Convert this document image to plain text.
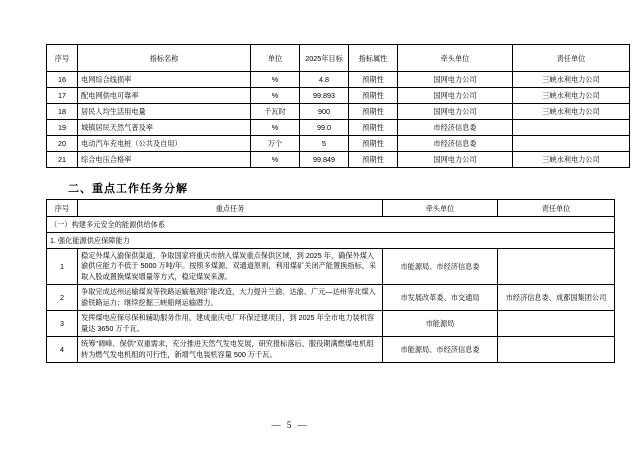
序号	指标名称	单位	2025年目标	指标属性	牵头单位	责任单位
16	电网综合线损率	%	4.8	预期性	国网电力公司	三峡水利电力公司
17	配电网供电可靠率	%	99.893	预期性	国网电力公司	三峡水利电力公司
18	居民人均生活用电量	千瓦时	900	预期性	国网电力公司	三峡水利电力公司
19	城镇居民天然气普及率	%	99.0	预期性	市经济信息委	
20	电动汽车充电桩（公共及自用）	万个	5	预期性	市经济信息委	
21	综合电压合格率	%	99.849	预期性	国网电力公司	三峡水利电力公司
二、重点工作任务分解
序号	重点任务	牵头单位	责任单位
（一）构建多元安全的能源供给体系			
1. 强化能源供应保障能力			
1	稳定外煤入渝保供渠道，争取国家将重庆市纳入煤炭重点保供区域，到 2025 年，确保外煤入渝供应能力不低于 5000 万吨/年。按照多煤源、双通道原则，利用煤矿关闭产能置换指标，采取入股或置换煤炭增量等方式，稳定煤炭来源。	市能源局、市经济信息委	
2	争取完成达州运输煤炭等铁路运输瓶颈扩能改造，大力提升兰渝、达渝、广元—达州等北煤入渝铁路运力；继续挖掘三峡船闸运输潜力。	市发展改革委、市交通局	市经济信息委、成都国集团公司
3	发挥煤电应保尽保和辅助服务作用，建成重庆电厂环保迁建项目，到 2025 年全市电力装机容量达 3650 万千瓦。	市能源局	
4	统筹"调峰、保供"双重需求，充分推进天然气发电发展，研究报标落后、服役期满燃煤电机组转为燃气发电机组的可行性，新增气电装机容量 500 万千瓦。	市能源局、市经济信息委	
— 5 —
